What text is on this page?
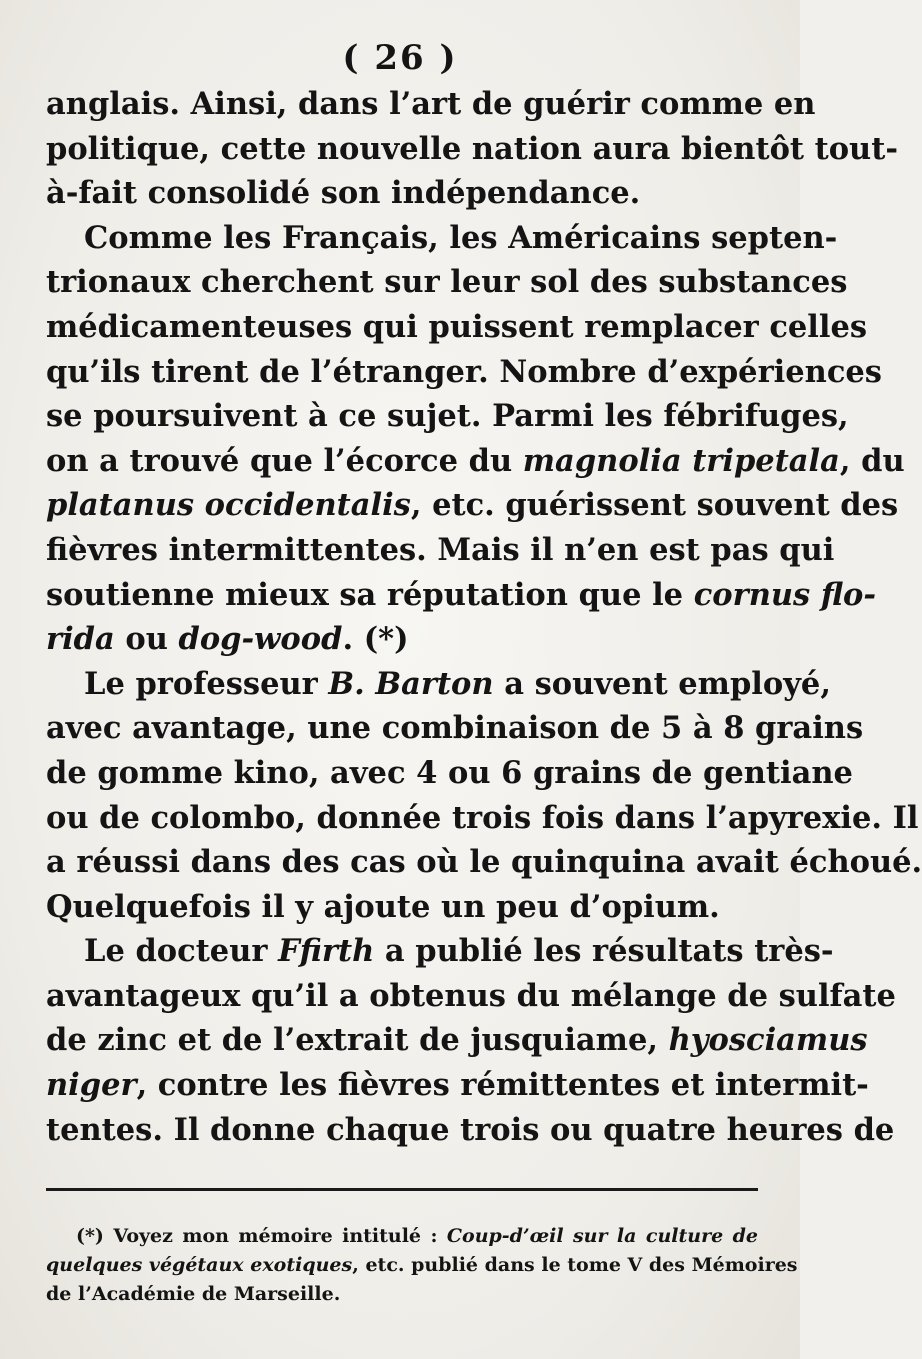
( 26 )
anglais. Ainsi, dans l’art de guérir comme en
politique, cette nouvelle nation aura bientôt tout-
à-fait consolidé son indépendance.
Comme les Français, les Américains septen-
trionaux cherchent sur leur sol des substances
médicamenteuses qui puissent remplacer celles
qu’ils tirent de l’étranger. Nombre d’expériences
se poursuivent à ce sujet. Parmi les fébrifuges,
on a trouvé que l’écorce du magnolia tripetala, du
platanus occidentalis, etc. guérissent souvent des
fièvres intermittentes. Mais il n’en est pas qui
soutienne mieux sa réputation que le cornus flo-
rida ou dog-wood. (*)
Le professeur B. Barton a souvent employé,
avec avantage, une combinaison de 5 à 8 grains
de gomme kino, avec 4 ou 6 grains de gentiane
ou de colombo, donnée trois fois dans l’apyrexie. Il
a réussi dans des cas où le quinquina avait échoué.
Quelquefois il y ajoute un peu d’opium.
Le docteur Ffirth a publié les résultats très-
avantageux qu’il a obtenus du mélange de sulfate
de zinc et de l’extrait de jusquiame, hyosciamus
niger, contre les fièvres rémittentes et intermit-
tentes. Il donne chaque trois ou quatre heures de
(*) Voyez mon mémoire intitulé : Coup-d’œil sur la culture de
quelques végétaux exotiques, etc. publié dans le tome V des Mémoires
de l’Académie de Marseille.
